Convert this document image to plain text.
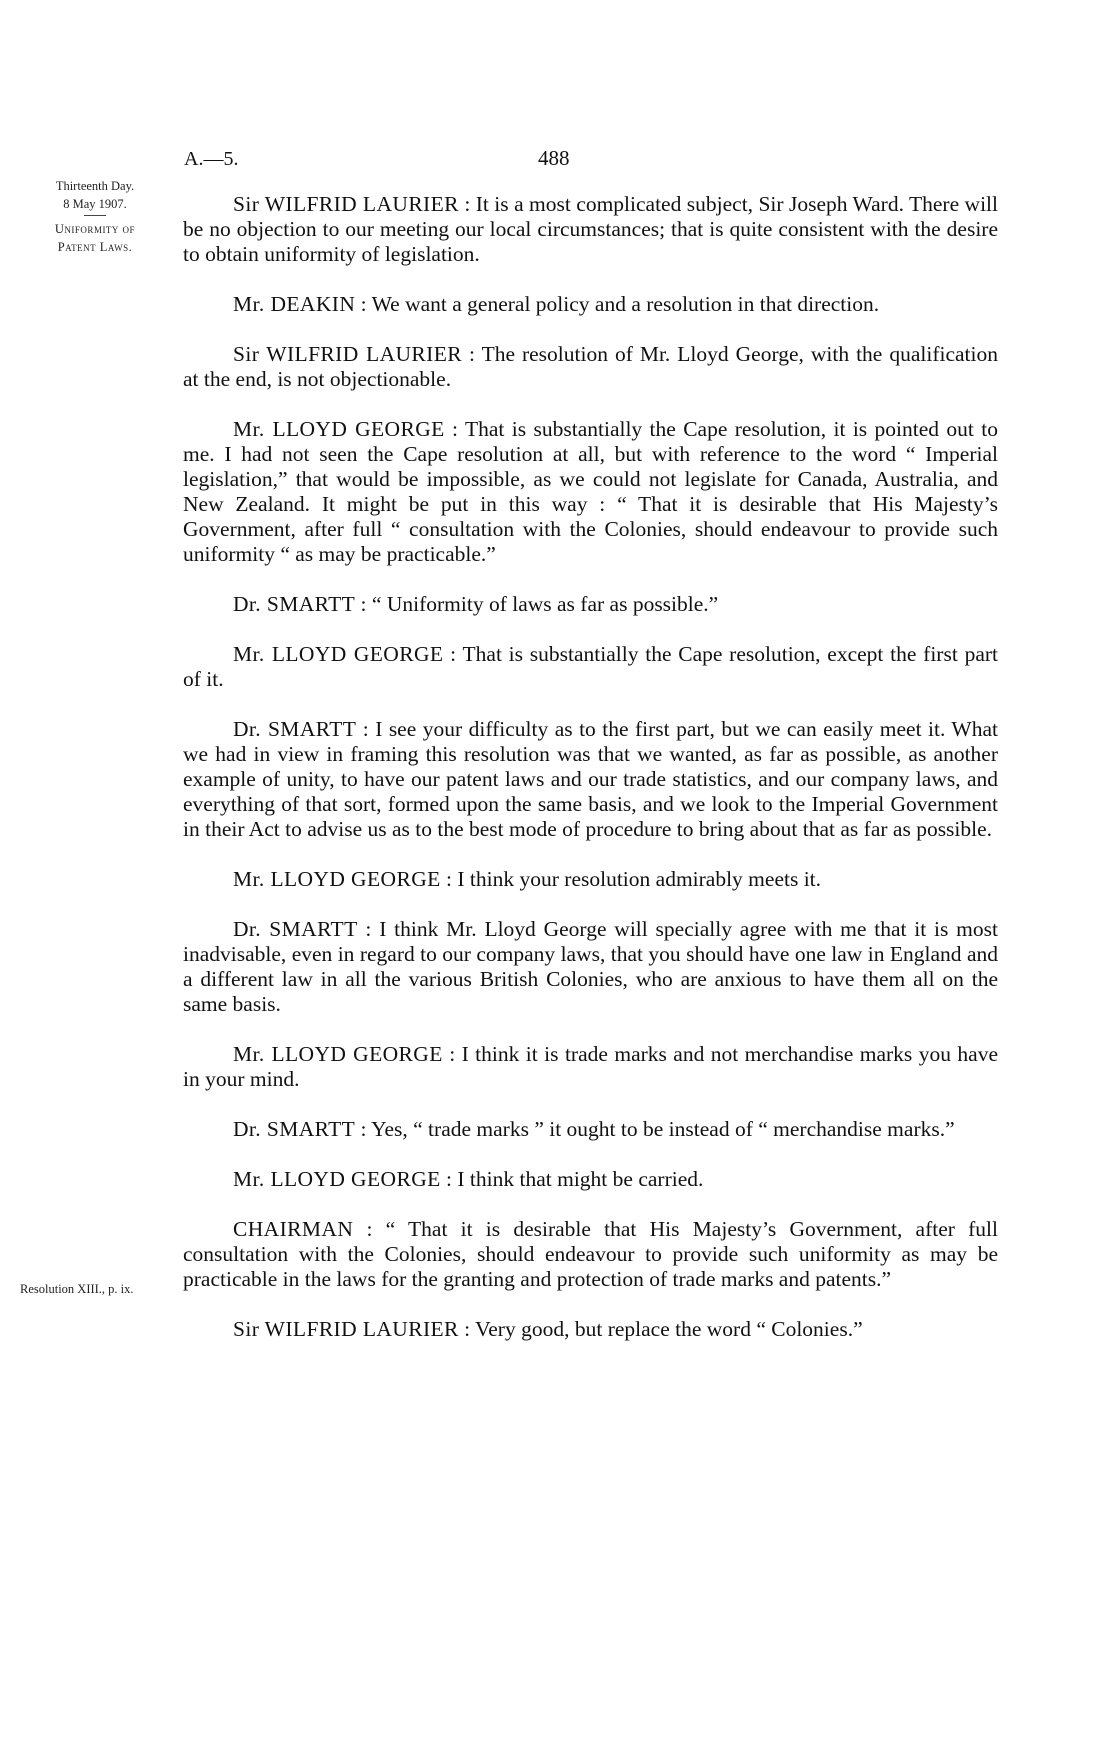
A.—5.	488
Thirteenth Day.
8 May 1907.
Uniformity of Patent Laws.
Resolution XIII., p. ix.

Sir WILFRID LAURIER : It is a most complicated subject, Sir Joseph Ward. There will be no objection to our meeting our local circumstances; that is quite consistent with the desire to obtain uniformity of legislation.

Mr. DEAKIN : We want a general policy and a resolution in that direction.

Sir WILFRID LAURIER : The resolution of Mr. Lloyd George, with the qualification at the end, is not objectionable.

Mr. LLOYD GEORGE : That is substantially the Cape resolution, it is pointed out to me. I had not seen the Cape resolution at all, but with reference to the word “ Imperial legislation,” that would be impossible, as we could not legislate for Canada, Australia, and New Zealand. It might be put in this way : “ That it is desirable that His Majesty’s Government, after full “ consultation with the Colonies, should endeavour to provide such uniformity “ as may be practicable.”

Dr. SMARTT : “ Uniformity of laws as far as possible.”

Mr. LLOYD GEORGE : That is substantially the Cape resolution, except the first part of it.

Dr. SMARTT : I see your difficulty as to the first part, but we can easily meet it. What we had in view in framing this resolution was that we wanted, as far as possible, as another example of unity, to have our patent laws and our trade statistics, and our company laws, and everything of that sort, formed upon the same basis, and we look to the Imperial Government in their Act to advise us as to the best mode of procedure to bring about that as far as possible.

Mr. LLOYD GEORGE : I think your resolution admirably meets it.

Dr. SMARTT : I think Mr. Lloyd George will specially agree with me that it is most inadvisable, even in regard to our company laws, that you should have one law in England and a different law in all the various British Colonies, who are anxious to have them all on the same basis.

Mr. LLOYD GEORGE : I think it is trade marks and not merchandise marks you have in your mind.

Dr. SMARTT : Yes, “ trade marks ” it ought to be instead of “ merchandise marks.”

Mr. LLOYD GEORGE : I think that might be carried.

CHAIRMAN : “ That it is desirable that His Majesty’s Government, after full consultation with the Colonies, should endeavour to provide such uniformity as may be practicable in the laws for the granting and protection of trade marks and patents.”

Sir WILFRID LAURIER : Very good, but replace the word “ Colonies.”
